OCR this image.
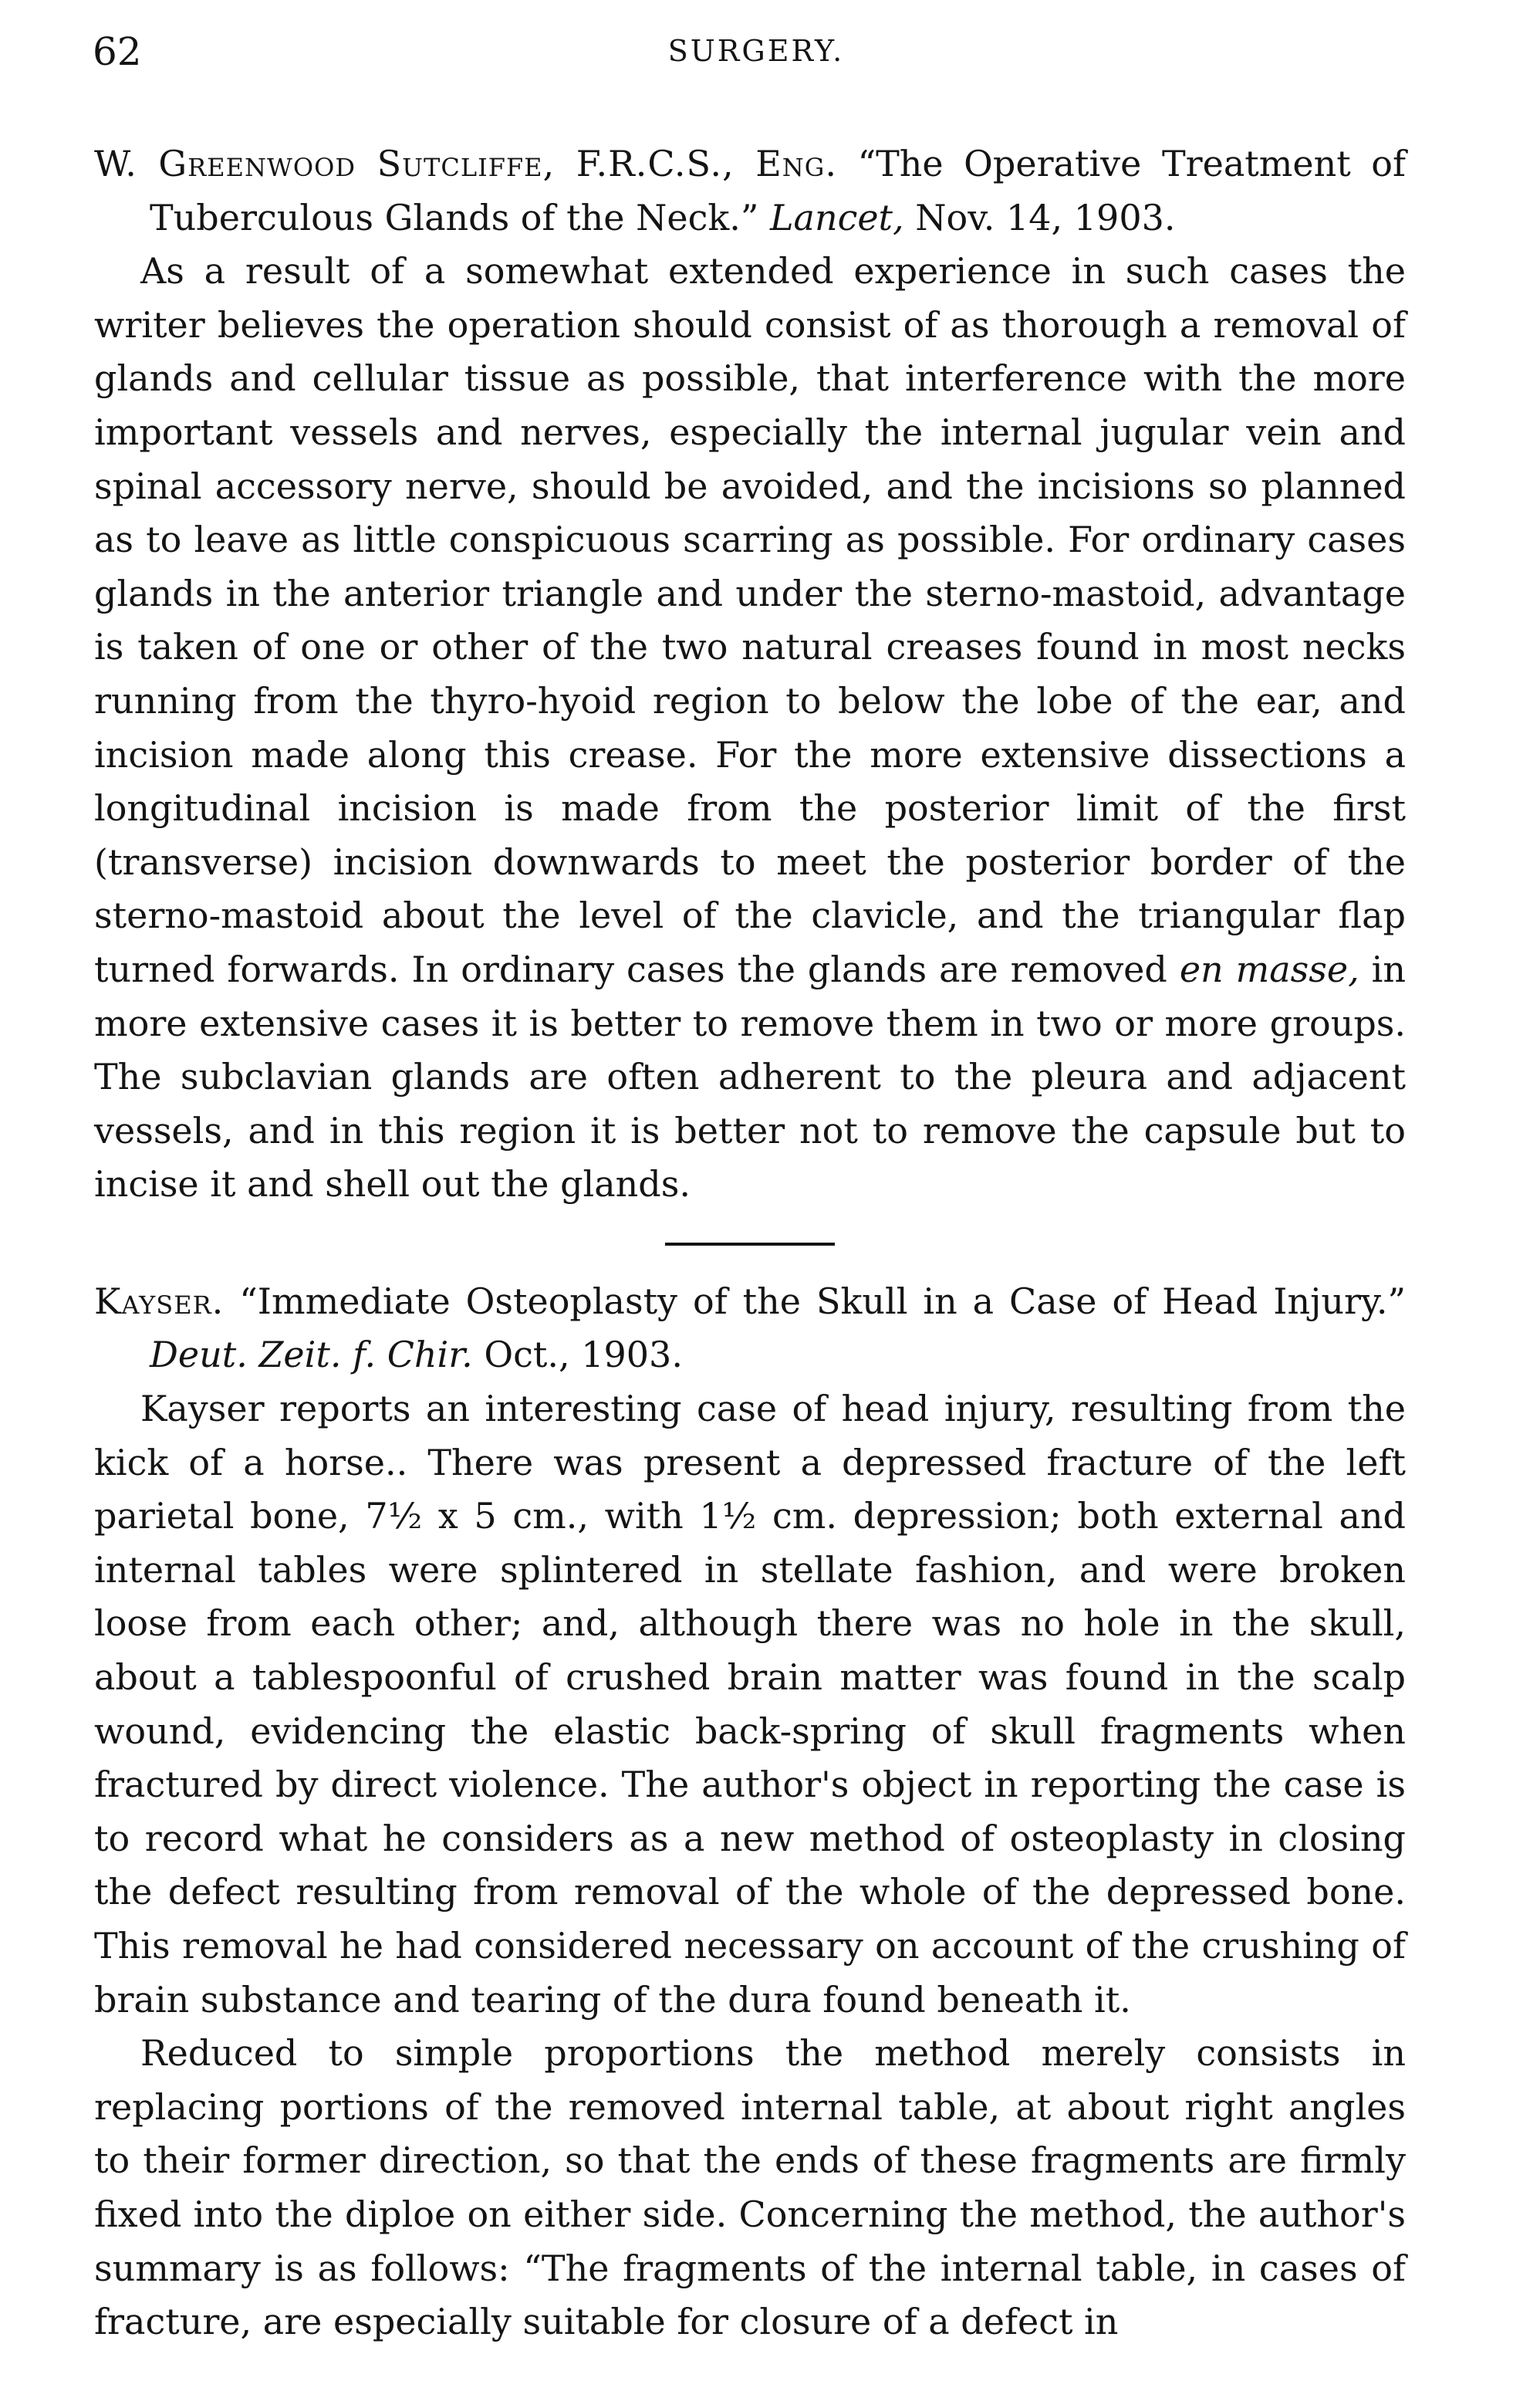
62	SURGERY.

W. Greenwood Sutcliffe, F.R.C.S., Eng. “The Operative Treatment of Tuberculous Glands of the Neck.” Lancet, Nov. 14, 1903.

As a result of a somewhat extended experience in such cases the writer believes the operation should consist of as thorough a removal of glands and cellular tissue as possible, that interference with the more important vessels and nerves, especially the internal jugular vein and spinal accessory nerve, should be avoided, and the incisions so planned as to leave as little conspicuous scarring as possible. For ordinary cases glands in the anterior triangle and under the sterno-mastoid, advantage is taken of one or other of the two natural creases found in most necks running from the thyro-hyoid region to below the lobe of the ear, and incision made along this crease. For the more extensive dissections a longitudinal incision is made from the posterior limit of the first (transverse) incision downwards to meet the posterior border of the sterno-mastoid about the level of the clavicle, and the triangular flap turned forwards. In ordinary cases the glands are removed en masse, in more extensive cases it is better to remove them in two or more groups. The subclavian glands are often adherent to the pleura and adjacent vessels, and in this region it is better not to remove the capsule but to incise it and shell out the glands.

Kayser. “Immediate Osteoplasty of the Skull in a Case of Head Injury.” Deut. Zeit. f. Chir. Oct., 1903.

Kayser reports an interesting case of head injury, resulting from the kick of a horse.. There was present a depressed fracture of the left parietal bone, 7½ x 5 cm., with 1½ cm. depression; both external and internal tables were splintered in stellate fashion, and were broken loose from each other; and, although there was no hole in the skull, about a tablespoonful of crushed brain matter was found in the scalp wound, evidencing the elastic back-spring of skull fragments when fractured by direct violence. The author's object in reporting the case is to record what he considers as a new method of osteoplasty in closing the defect resulting from removal of the whole of the depressed bone. This removal he had considered necessary on account of the crushing of brain substance and tearing of the dura found beneath it.

Reduced to simple proportions the method merely consists in replacing portions of the removed internal table, at about right angles to their former direction, so that the ends of these fragments are firmly fixed into the diploe on either side. Concerning the method, the author's summary is as follows: “The fragments of the internal table, in cases of fracture, are especially suitable for closure of a defect in
